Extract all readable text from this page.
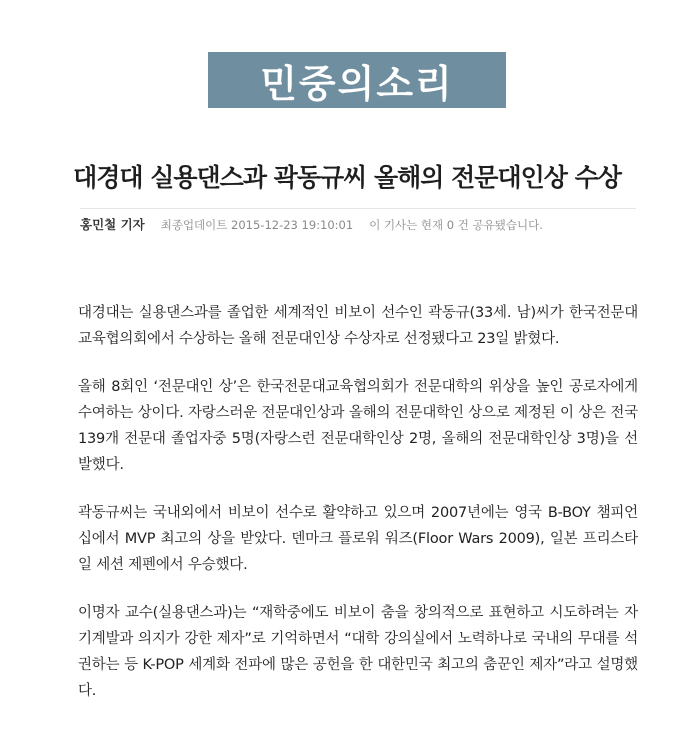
민중의소리
대경대 실용댄스과 곽동규씨 올해의 전문대인상 수상
홍민철 기자 최종업데이트 2015-12-23 19:10:01 이 기사는 현재 0 건 공유됐습니다.

대경대는 실용댄스과를 졸업한 세계적인 비보이 선수인 곽동규(33세. 남)씨가 한국전문대교육협의회에서 수상하는 올해 전문대인상 수상자로 선정됐다고 23일 밝혔다.

올해 8회인 ‘전문대인 상’은 한국전문대교육협의회가 전문대학의 위상을 높인 공로자에게 수여하는 상이다. 자랑스러운 전문대인상과 올해의 전문대학인 상으로 제정된 이 상은 전국 139개 전문대 졸업자중 5명(자랑스런 전문대학인상 2명, 올해의 전문대학인상 3명)을 선발했다.

곽동규씨는 국내외에서 비보이 선수로 활약하고 있으며 2007년에는 영국 B-BOY 챔피언십에서 MVP 최고의 상을 받았다. 덴마크 플로워 워즈(Floor Wars 2009), 일본 프리스타일 세션 제펜에서 우승했다.

이명자 교수(실용댄스과)는 “재학중에도 비보이 춤을 창의적으로 표현하고 시도하려는 자기계발과 의지가 강한 제자”로 기억하면서 “대학 강의실에서 노력하나로 국내의 무대를 석권하는 등 K-POP 세계화 전파에 많은 공헌을 한 대한민국 최고의 춤꾼인 제자”라고 설명했다.
